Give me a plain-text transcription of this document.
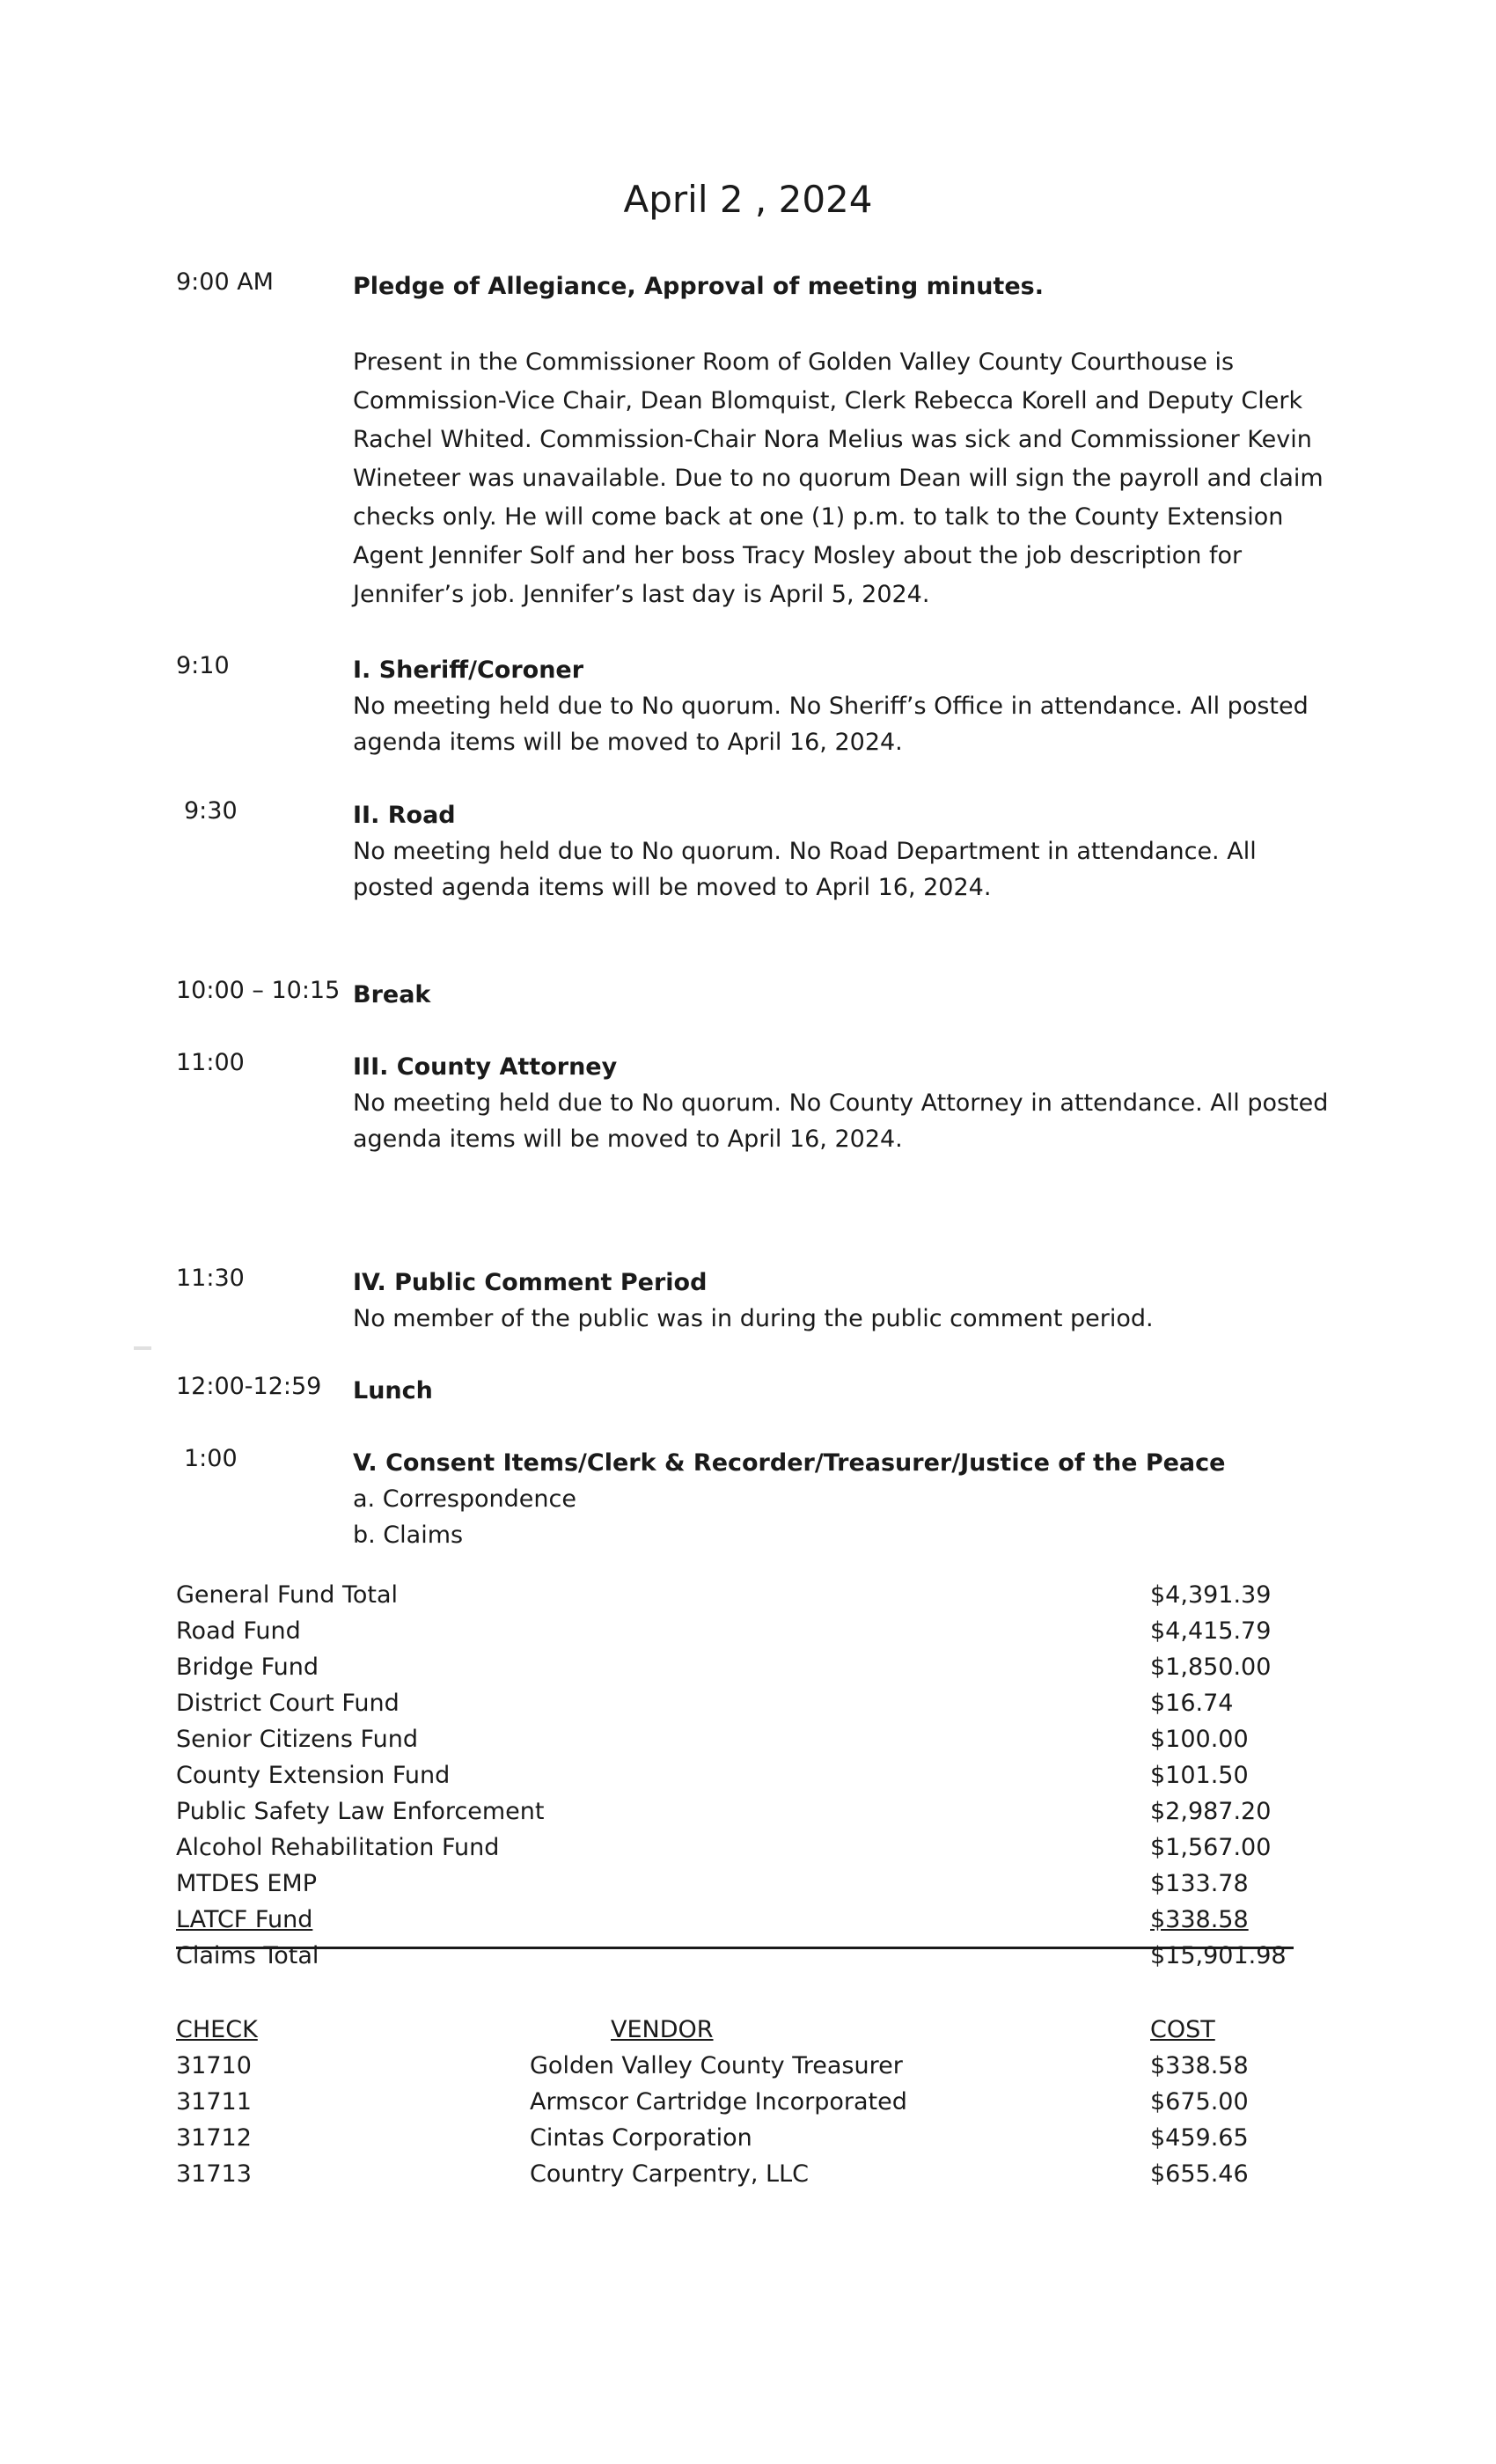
April 2 , 2024
9:00 AM	Pledge of Allegiance, Approval of meeting minutes.
Present in the Commissioner Room of Golden Valley County Courthouse is Commission-Vice Chair, Dean Blomquist, Clerk Rebecca Korell and Deputy Clerk Rachel Whited. Commission-Chair Nora Melius was sick and Commissioner Kevin Wineteer was unavailable. Due to no quorum Dean will sign the payroll and claim checks only. He will come back at one (1) p.m. to talk to the County Extension Agent Jennifer Solf and her boss Tracy Mosley about the job description for Jennifer’s job. Jennifer’s last day is April 5, 2024.
9:10	I. Sheriff/Coroner
No meeting held due to No quorum. No Sheriff’s Office in attendance. All posted agenda items will be moved to April 16, 2024.
9:30	II. Road
No meeting held due to No quorum. No Road Department in attendance. All posted agenda items will be moved to April 16, 2024.
10:00 – 10:15 Break
11:00	III. County Attorney
No meeting held due to No quorum. No County Attorney in attendance. All posted agenda items will be moved to April 16, 2024.
11:30	IV. Public Comment Period
No member of the public was in during the public comment period.
12:00-12:59 Lunch
1:00	V. Consent Items/Clerk & Recorder/Treasurer/Justice of the Peace
a. Correspondence
b. Claims
General Fund Total	$4,391.39
Road Fund	$4,415.79
Bridge Fund	$1,850.00
District Court Fund	$16.74
Senior Citizens Fund	$100.00
County Extension Fund	$101.50
Public Safety Law Enforcement	$2,987.20
Alcohol Rehabilitation Fund	$1,567.00
MTDES EMP	$133.78
LATCF Fund	$338.58
Claims Total	$15,901.98
CHECK	VENDOR	COST
31710	Golden Valley County Treasurer	$338.58
31711	Armscor Cartridge Incorporated	$675.00
31712	Cintas Corporation	$459.65
31713	Country Carpentry, LLC	$655.46
